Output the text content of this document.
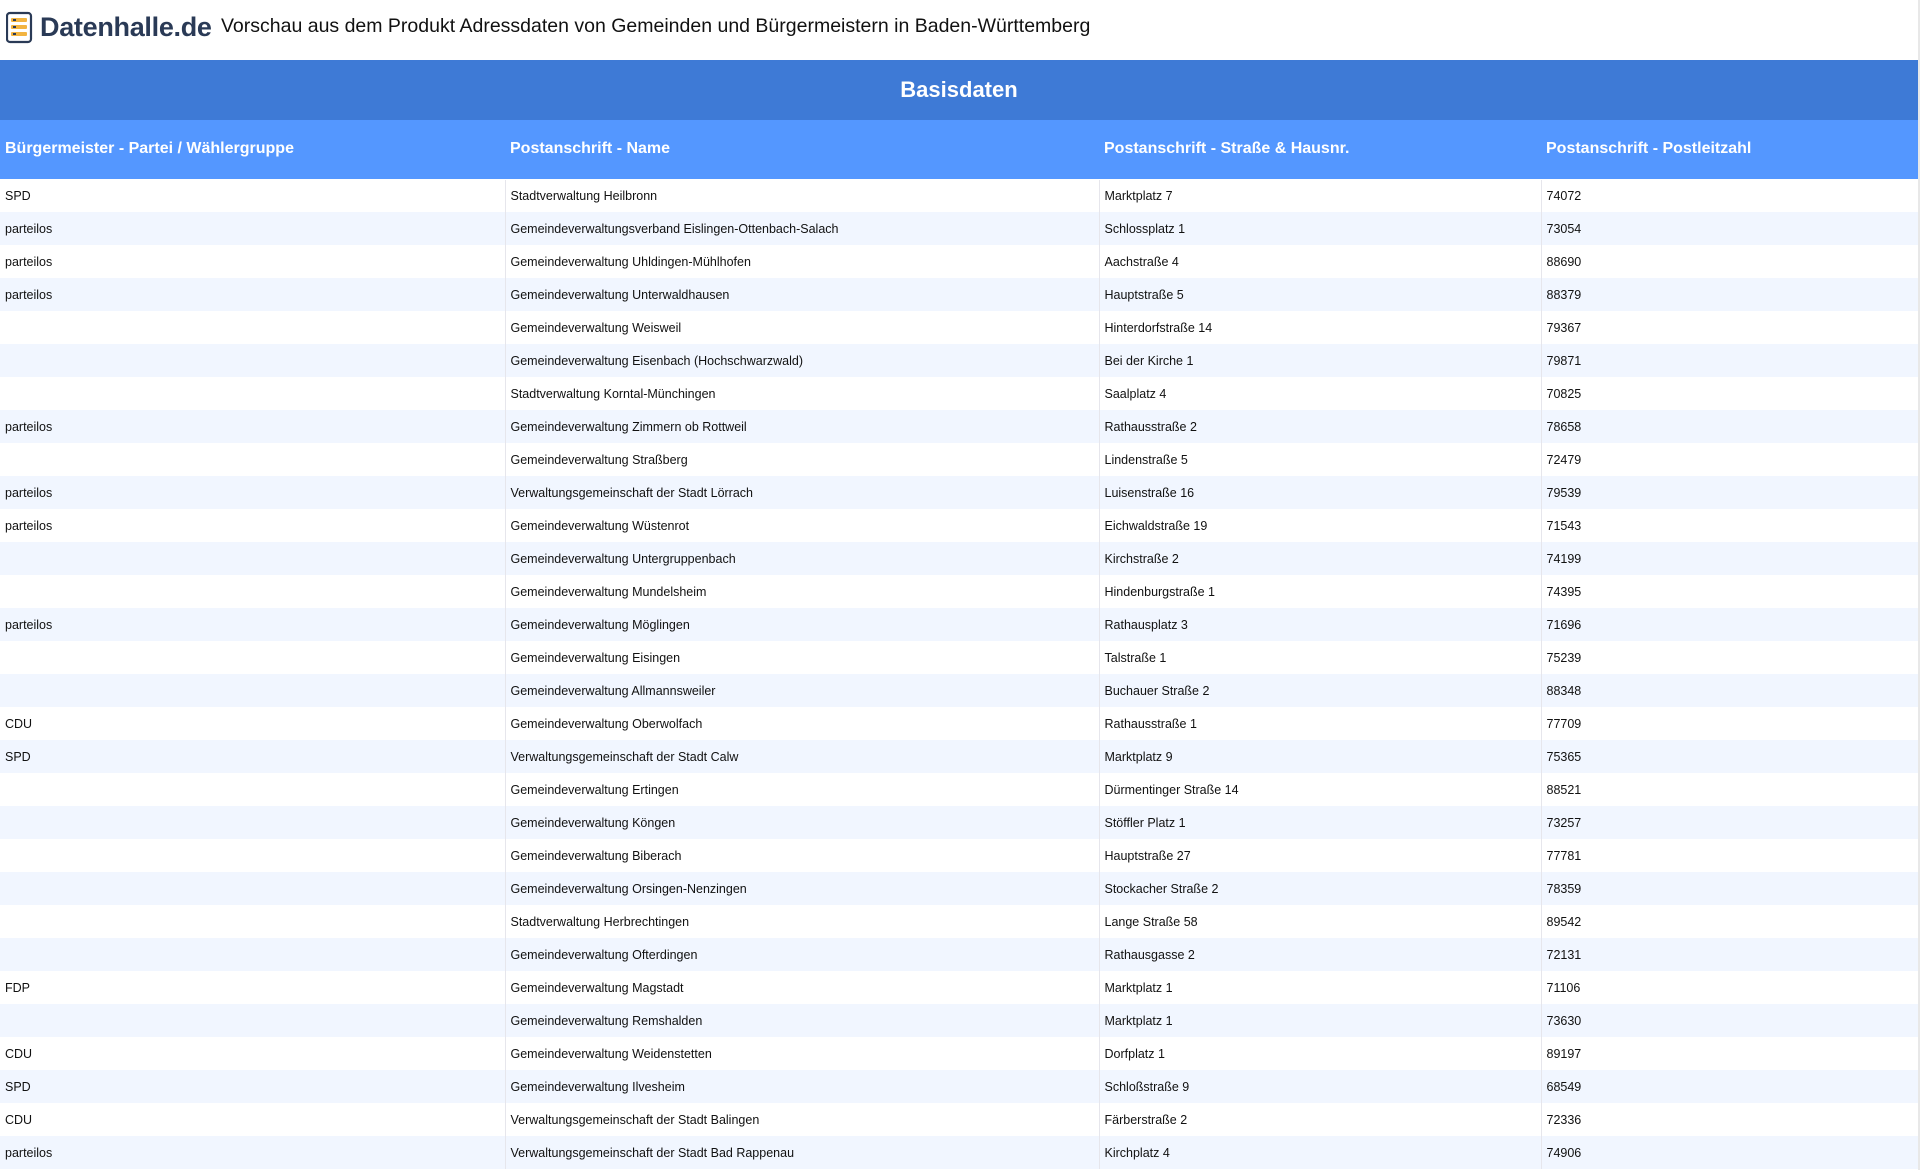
Datenhalle.de Vorschau aus dem Produkt Adressdaten von Gemeinden und Bürgermeistern in Baden-Württemberg
Basisdaten
Bürgermeister - Partei / Wählergruppe	Postanschrift - Name	Postanschrift - Straße & Hausnr.	Postanschrift - Postleitzahl
SPD	Stadtverwaltung Heilbronn	Marktplatz 7	74072
parteilos	Gemeindeverwaltungsverband Eislingen-Ottenbach-Salach	Schlossplatz 1	73054
parteilos	Gemeindeverwaltung Uhldingen-Mühlhofen	Aachstraße 4	88690
parteilos	Gemeindeverwaltung Unterwaldhausen	Hauptstraße 5	88379
	Gemeindeverwaltung Weisweil	Hinterdorfstraße 14	79367
	Gemeindeverwaltung Eisenbach (Hochschwarzwald)	Bei der Kirche 1	79871
	Stadtverwaltung Korntal-Münchingen	Saalplatz 4	70825
parteilos	Gemeindeverwaltung Zimmern ob Rottweil	Rathausstraße 2	78658
	Gemeindeverwaltung Straßberg	Lindenstraße 5	72479
parteilos	Verwaltungsgemeinschaft der Stadt Lörrach	Luisenstraße 16	79539
parteilos	Gemeindeverwaltung Wüstenrot	Eichwaldstraße 19	71543
	Gemeindeverwaltung Untergruppenbach	Kirchstraße 2	74199
	Gemeindeverwaltung Mundelsheim	Hindenburgstraße 1	74395
parteilos	Gemeindeverwaltung Möglingen	Rathausplatz 3	71696
	Gemeindeverwaltung Eisingen	Talstraße 1	75239
	Gemeindeverwaltung Allmannsweiler	Buchauer Straße 2	88348
CDU	Gemeindeverwaltung Oberwolfach	Rathausstraße 1	77709
SPD	Verwaltungsgemeinschaft der Stadt Calw	Marktplatz 9	75365
	Gemeindeverwaltung Ertingen	Dürmentinger Straße 14	88521
	Gemeindeverwaltung Köngen	Stöffler Platz 1	73257
	Gemeindeverwaltung Biberach	Hauptstraße 27	77781
	Gemeindeverwaltung Orsingen-Nenzingen	Stockacher Straße 2	78359
	Stadtverwaltung Herbrechtingen	Lange Straße 58	89542
	Gemeindeverwaltung Ofterdingen	Rathausgasse 2	72131
FDP	Gemeindeverwaltung Magstadt	Marktplatz 1	71106
	Gemeindeverwaltung Remshalden	Marktplatz 1	73630
CDU	Gemeindeverwaltung Weidenstetten	Dorfplatz 1	89197
SPD	Gemeindeverwaltung Ilvesheim	Schloßstraße 9	68549
CDU	Verwaltungsgemeinschaft der Stadt Balingen	Färberstraße 2	72336
parteilos	Verwaltungsgemeinschaft der Stadt Bad Rappenau	Kirchplatz 4	74906
